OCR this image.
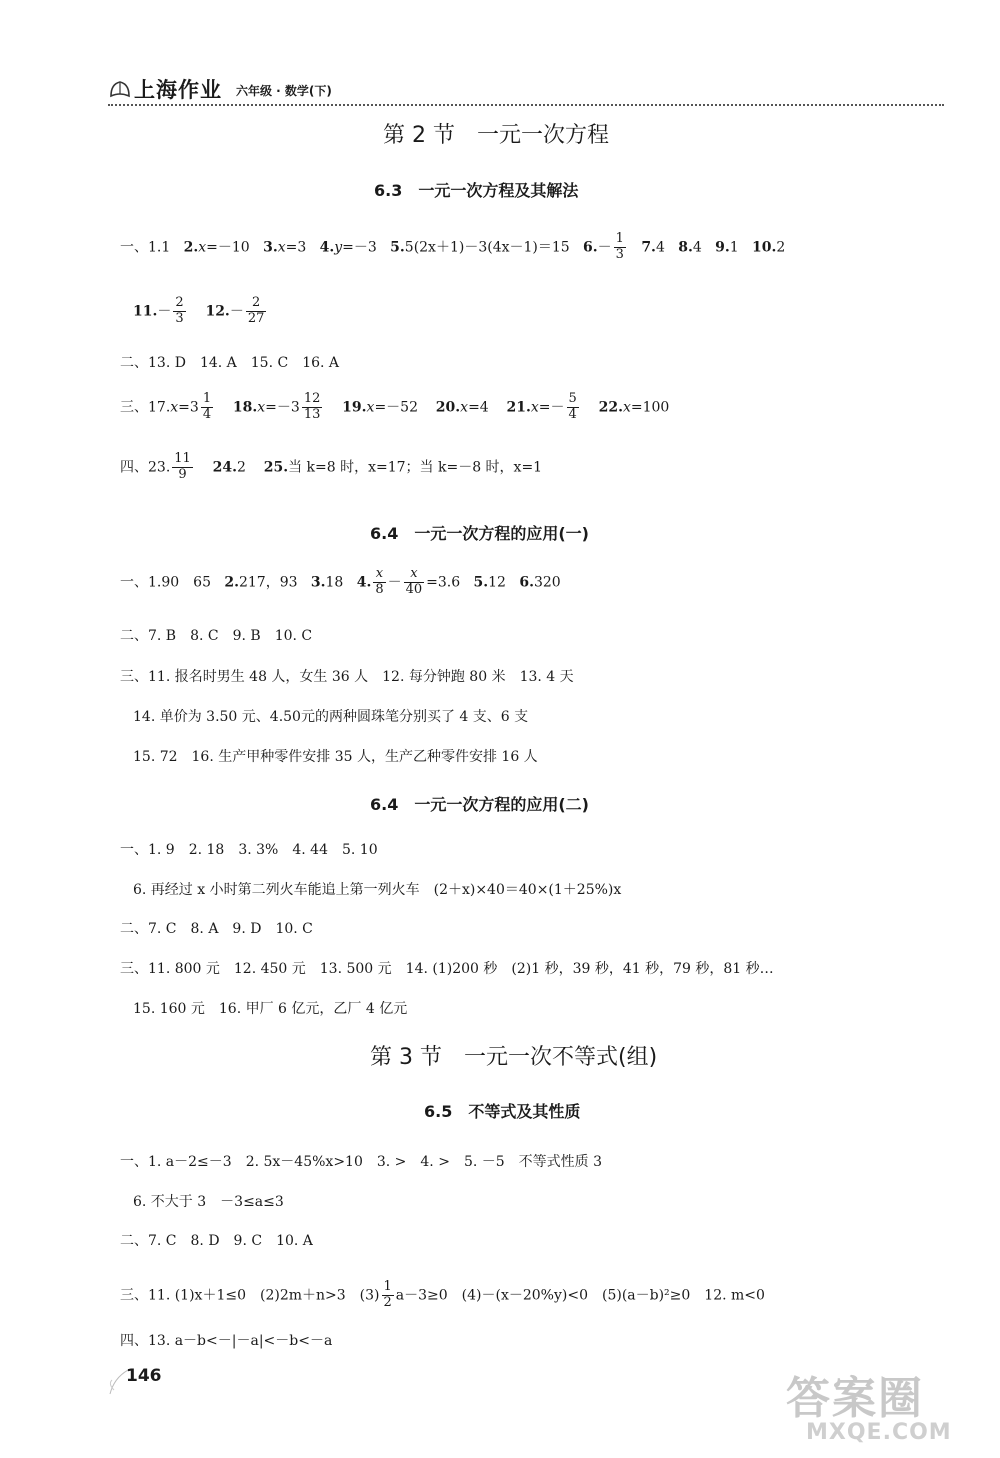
上海作业 六年级 · 数学(下)
第 2 节　一元一次方程
6.3　一元一次方程及其解法
一、1.1 2.x=－10 3.x=3 4.y=－3 5.5(2x＋1)－3(4x－1)＝15 $6.- \frac{1}{3} 7.4$ 8.4 9.1 10.2
$11.- \frac{2}{3} 12.- \frac{2}{27}$
二、13. D　14. A　15. C　16. A
三、$17.x=3 \frac{1}{4} 18.x=-3 \frac{12}{13} 19.x=-52$ 20.x=4 $21.x=- \frac{5}{4} 22.x=100$
四、23. $\frac{11}{9} 24.2$ 25.当 k=8 时，x=17；当 k=－8 时，x=1
6.4　一元一次方程的应用(一)
一、1.90　65 2.217，93 3.18 4. $\frac{x}{8} - \frac{x}{40} =3.6$ 5.12 6.320
二、7. B　8. C　9. B　10. C
三、11. 报名时男生 48 人，女生 36 人　12. 每分钟跑 80 米　13. 4 天
14. 单价为 3.50 元、4.50元的两种圆珠笔分别买了 4 支、6 支
15. 72　16. 生产甲种零件安排 35 人，生产乙种零件安排 16 人
6.4　一元一次方程的应用(二)
一、1. 9　2. 18　3. 3%　4. 44　5. 10
6. 再经过 x 小时第二列火车能追上第一列火车　(2＋x)×40＝40×(1＋25%)x
二、7. C　8. A　9. D　10. C
三、11. 800 元　12. 450 元　13. 500 元　14. (1)200 秒　(2)1 秒，39 秒，41 秒，79 秒，81 秒…
15. 160 元　16. 甲厂 6 亿元，乙厂 4 亿元
第 3 节　一元一次不等式(组)
6.5　不等式及其性质
一、1. a－2≤－3　2. 5x－45%x>10　3. >　4. >　5. －5　不等式性质 3
6. 不大于 3　－3≤a≤3
二、7. C　8. D　9. C　10. A
三、11. (1)x＋1≤0　(2)2m＋n>3　$(3) \frac{1}{2} a-3\ge 0$　(4)－(x－20%y)<0　(5)(a－b)²≥0　12. m<0
四、13. a－b<－|－a|<－b<－a
146	答案圈
MXQE.COM
